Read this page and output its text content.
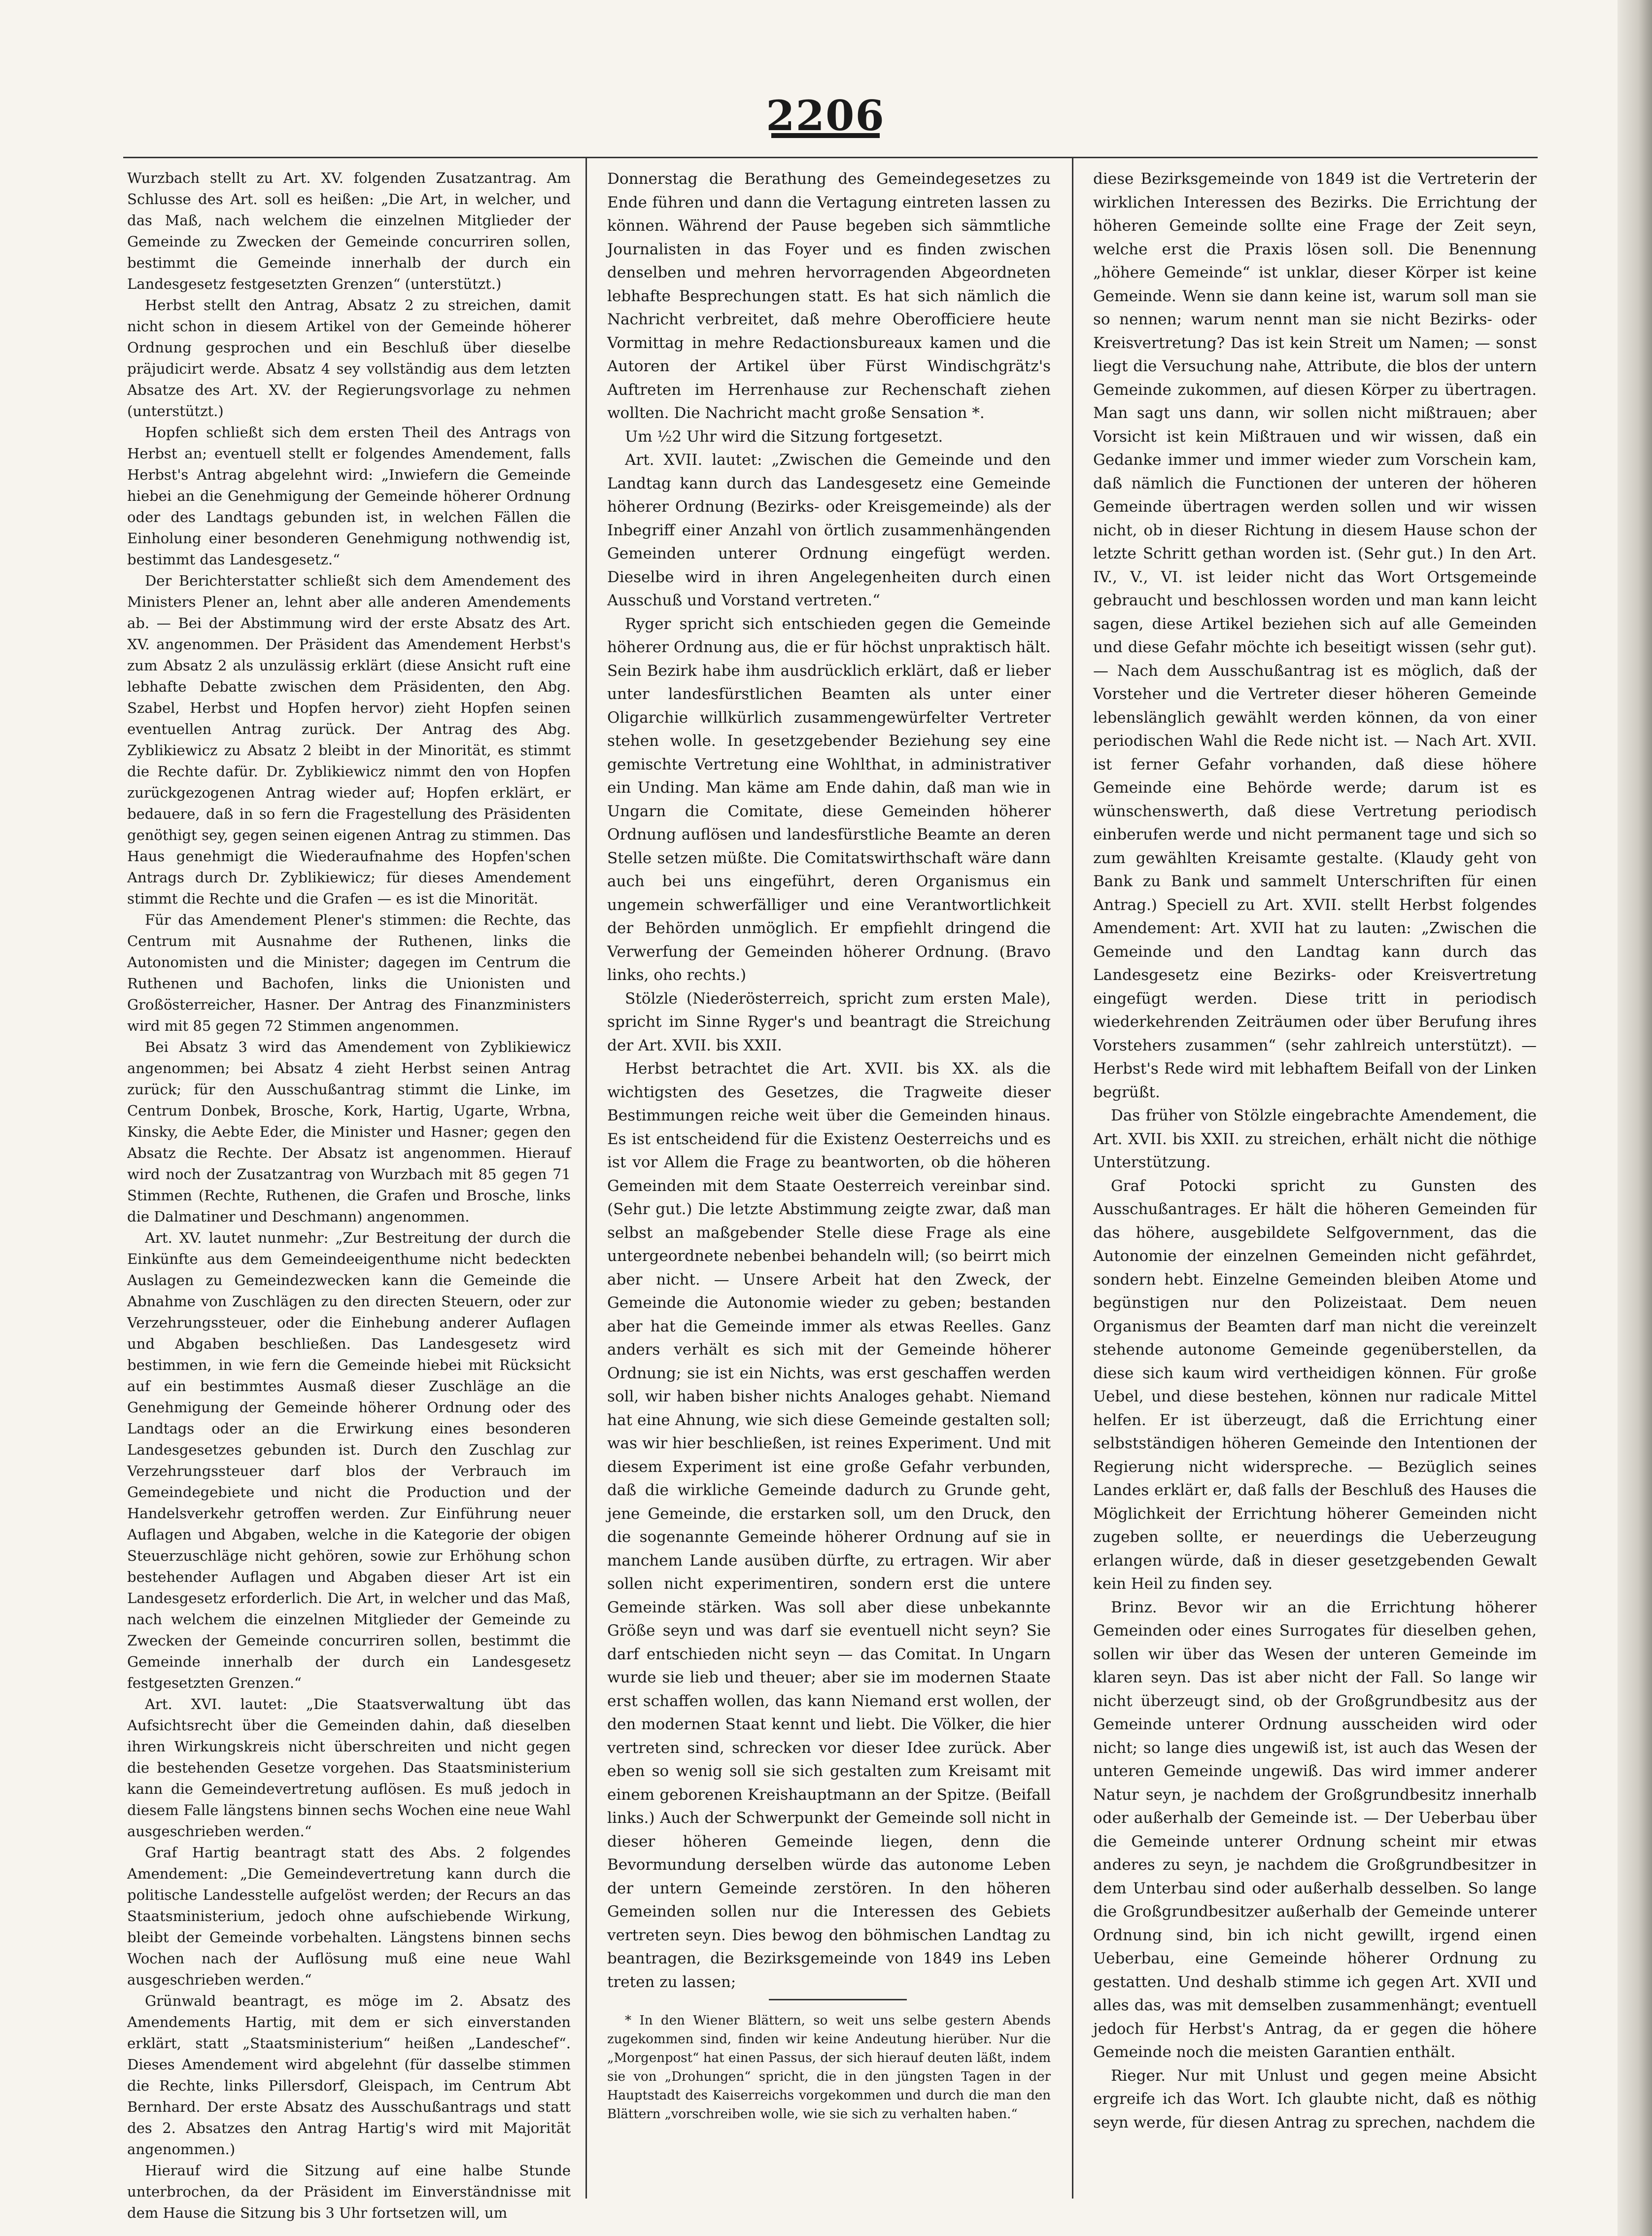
2206

Wurzbach stellt zu Art. XV. folgenden Zusatzantrag. Am Schlusse des Art. soll es heißen: „Die Art, in welcher, und das Maß, nach welchem die einzelnen Mitglieder der Gemeinde zu Zwecken der Gemeinde concurriren sollen, bestimmt die Gemeinde innerhalb der durch ein Landesgesetz festgesetzten Grenzen“ (unterstützt.)

Herbst stellt den Antrag, Absatz 2 zu streichen, damit nicht schon in diesem Artikel von der Gemeinde höherer Ordnung gesprochen und ein Beschluß über dieselbe präjudicirt werde. Absatz 4 sey vollständig aus dem letzten Absatze des Art. XV. der Regierungsvorlage zu nehmen (unterstützt.)

Hopfen schließt sich dem ersten Theil des Antrags von Herbst an; eventuell stellt er folgendes Amendement, falls Herbst's Antrag abgelehnt wird: „Inwiefern die Gemeinde hiebei an die Genehmigung der Gemeinde höherer Ordnung oder des Landtags gebunden ist, in welchen Fällen die Einholung einer besonderen Genehmigung nothwendig ist, bestimmt das Landesgesetz.“

Der Berichterstatter schließt sich dem Amendement des Ministers Plener an, lehnt aber alle anderen Amendements ab. — Bei der Abstimmung wird der erste Absatz des Art. XV. angenommen. Der Präsident das Amendement Herbst's zum Absatz 2 als unzulässig erklärt (diese Ansicht ruft eine lebhafte Debatte zwischen dem Präsidenten, den Abg. Szabel, Herbst und Hopfen hervor) zieht Hopfen seinen eventuellen Antrag zurück. Der Antrag des Abg. Zyblikiewicz zu Absatz 2 bleibt in der Minorität, es stimmt die Rechte dafür. Dr. Zyblikiewicz nimmt den von Hopfen zurückgezogenen Antrag wieder auf; Hopfen erklärt, er bedauere, daß in so fern die Fragestellung des Präsidenten genöthigt sey, gegen seinen eigenen Antrag zu stimmen. Das Haus genehmigt die Wiederaufnahme des Hopfen'schen Antrags durch Dr. Zyblikiewicz; für dieses Amendement stimmt die Rechte und die Grafen — es ist die Minorität.

Für das Amendement Plener's stimmen: die Rechte, das Centrum mit Ausnahme der Ruthenen, links die Autonomisten und die Minister; dagegen im Centrum die Ruthenen und Bachofen, links die Unionisten und Großösterreicher, Hasner. Der Antrag des Finanzministers wird mit 85 gegen 72 Stimmen angenommen.

Bei Absatz 3 wird das Amendement von Zyblikiewicz angenommen; bei Absatz 4 zieht Herbst seinen Antrag zurück; für den Ausschußantrag stimmt die Linke, im Centrum Donbek, Brosche, Kork, Hartig, Ugarte, Wrbna, Kinsky, die Aebte Eder, die Minister und Hasner; gegen den Absatz die Rechte. Der Absatz ist angenommen. Hierauf wird noch der Zusatzantrag von Wurzbach mit 85 gegen 71 Stimmen (Rechte, Ruthenen, die Grafen und Brosche, links die Dalmatiner und Deschmann) angenommen.

Art. XV. lautet nunmehr: „Zur Bestreitung der durch die Einkünfte aus dem Gemeindeeigenthume nicht bedeckten Auslagen zu Gemeindezwecken kann die Gemeinde die Abnahme von Zuschlägen zu den directen Steuern, oder zur Verzehrungssteuer, oder die Einhebung anderer Auflagen und Abgaben beschließen. Das Landesgesetz wird bestimmen, in wie fern die Gemeinde hiebei mit Rücksicht auf ein bestimmtes Ausmaß dieser Zuschläge an die Genehmigung der Gemeinde höherer Ordnung oder des Landtags oder an die Erwirkung eines besonderen Landesgesetzes gebunden ist. Durch den Zuschlag zur Verzehrungssteuer darf blos der Verbrauch im Gemeindegebiete und nicht die Production und der Handelsverkehr getroffen werden. Zur Einführung neuer Auflagen und Abgaben, welche in die Kategorie der obigen Steuerzuschläge nicht gehören, sowie zur Erhöhung schon bestehender Auflagen und Abgaben dieser Art ist ein Landesgesetz erforderlich. Die Art, in welcher und das Maß, nach welchem die einzelnen Mitglieder der Gemeinde zu Zwecken der Gemeinde concurriren sollen, bestimmt die Gemeinde innerhalb der durch ein Landesgesetz festgesetzten Grenzen.“

Art. XVI. lautet: „Die Staatsverwaltung übt das Aufsichtsrecht über die Gemeinden dahin, daß dieselben ihren Wirkungskreis nicht überschreiten und nicht gegen die bestehenden Gesetze vorgehen. Das Staatsministerium kann die Gemeindevertretung auflösen. Es muß jedoch in diesem Falle längstens binnen sechs Wochen eine neue Wahl ausgeschrieben werden.“

Graf Hartig beantragt statt des Abs. 2 folgendes Amendement: „Die Gemeindevertretung kann durch die politische Landesstelle aufgelöst werden; der Recurs an das Staatsministerium, jedoch ohne aufschiebende Wirkung, bleibt der Gemeinde vorbehalten. Längstens binnen sechs Wochen nach der Auflösung muß eine neue Wahl ausgeschrieben werden.“

Grünwald beantragt, es möge im 2. Absatz des Amendements Hartig, mit dem er sich einverstanden erklärt, statt „Staatsministerium“ heißen „Landeschef“. Dieses Amendement wird abgelehnt (für dasselbe stimmen die Rechte, links Pillersdorf, Gleispach, im Centrum Abt Bernhard. Der erste Absatz des Ausschußantrags und statt des 2. Absatzes den Antrag Hartig's wird mit Majorität angenommen.)

Hierauf wird die Sitzung auf eine halbe Stunde unterbrochen, da der Präsident im Einverständnisse mit dem Hause die Sitzung bis 3 Uhr fortsetzen will, um

Donnerstag die Berathung des Gemeindegesetzes zu Ende führen und dann die Vertagung eintreten lassen zu können. Während der Pause begeben sich sämmtliche Journalisten in das Foyer und es finden zwischen denselben und mehren hervorragenden Abgeordneten lebhafte Besprechungen statt. Es hat sich nämlich die Nachricht verbreitet, daß mehre Oberofficiere heute Vormittag in mehre Redactionsbureaux kamen und die Autoren der Artikel über Fürst Windischgrätz's Auftreten im Herrenhause zur Rechenschaft ziehen wollten. Die Nachricht macht große Sensation *.

Um ½2 Uhr wird die Sitzung fortgesetzt.

Art. XVII. lautet: „Zwischen die Gemeinde und den Landtag kann durch das Landesgesetz eine Gemeinde höherer Ordnung (Bezirks- oder Kreisgemeinde) als der Inbegriff einer Anzahl von örtlich zusammenhängenden Gemeinden unterer Ordnung eingefügt werden. Dieselbe wird in ihren Angelegenheiten durch einen Ausschuß und Vorstand vertreten.“

Ryger spricht sich entschieden gegen die Gemeinde höherer Ordnung aus, die er für höchst unpraktisch hält. Sein Bezirk habe ihm ausdrücklich erklärt, daß er lieber unter landesfürstlichen Beamten als unter einer Oligarchie willkürlich zusammengewürfelter Vertreter stehen wolle. In gesetzgebender Beziehung sey eine gemischte Vertretung eine Wohlthat, in administrativer ein Unding. Man käme am Ende dahin, daß man wie in Ungarn die Comitate, diese Gemeinden höherer Ordnung auflösen und landesfürstliche Beamte an deren Stelle setzen müßte. Die Comitatswirthschaft wäre dann auch bei uns eingeführt, deren Organismus ein ungemein schwerfälliger und eine Verantwortlichkeit der Behörden unmöglich. Er empfiehlt dringend die Verwerfung der Gemeinden höherer Ordnung. (Bravo links, oho rechts.)

Stölzle (Niederösterreich, spricht zum ersten Male), spricht im Sinne Ryger's und beantragt die Streichung der Art. XVII. bis XXII.

Herbst betrachtet die Art. XVII. bis XX. als die wichtigsten des Gesetzes, die Tragweite dieser Bestimmungen reiche weit über die Gemeinden hinaus. Es ist entscheidend für die Existenz Oesterreichs und es ist vor Allem die Frage zu beantworten, ob die höheren Gemeinden mit dem Staate Oesterreich vereinbar sind. (Sehr gut.) Die letzte Abstimmung zeigte zwar, daß man selbst an maßgebender Stelle diese Frage als eine untergeordnete nebenbei behandeln will; (so beirrt mich aber nicht. — Unsere Arbeit hat den Zweck, der Gemeinde die Autonomie wieder zu geben; bestanden aber hat die Gemeinde immer als etwas Reelles. Ganz anders verhält es sich mit der Gemeinde höherer Ordnung; sie ist ein Nichts, was erst geschaffen werden soll, wir haben bisher nichts Analoges gehabt. Niemand hat eine Ahnung, wie sich diese Gemeinde gestalten soll; was wir hier beschließen, ist reines Experiment. Und mit diesem Experiment ist eine große Gefahr verbunden, daß die wirkliche Gemeinde dadurch zu Grunde geht, jene Gemeinde, die erstarken soll, um den Druck, den die sogenannte Gemeinde höherer Ordnung auf sie in manchem Lande ausüben dürfte, zu ertragen. Wir aber sollen nicht experimentiren, sondern erst die untere Gemeinde stärken. Was soll aber diese unbekannte Größe seyn und was darf sie eventuell nicht seyn? Sie darf entschieden nicht seyn — das Comitat. In Ungarn wurde sie lieb und theuer; aber sie im modernen Staate erst schaffen wollen, das kann Niemand erst wollen, der den modernen Staat kennt und liebt. Die Völker, die hier vertreten sind, schrecken vor dieser Idee zurück. Aber eben so wenig soll sie sich gestalten zum Kreisamt mit einem geborenen Kreishauptmann an der Spitze. (Beifall links.) Auch der Schwerpunkt der Gemeinde soll nicht in dieser höheren Gemeinde liegen, denn die Bevormundung derselben würde das autonome Leben der untern Gemeinde zerstören. In den höheren Gemeinden sollen nur die Interessen des Gebiets vertreten seyn. Dies bewog den böhmischen Landtag zu beantragen, die Bezirksgemeinde von 1849 ins Leben treten zu lassen;

* In den Wiener Blättern, so weit uns selbe gestern Abends zugekommen sind, finden wir keine Andeutung hierüber. Nur die „Morgenpost“ hat einen Passus, der sich hierauf deuten läßt, indem sie von „Drohungen“ spricht, die in den jüngsten Tagen in der Hauptstadt des Kaiserreichs vorgekommen und durch die man den Blättern „vorschreiben wolle, wie sie sich zu verhalten haben.“

diese Bezirksgemeinde von 1849 ist die Vertreterin der wirklichen Interessen des Bezirks. Die Errichtung der höheren Gemeinde sollte eine Frage der Zeit seyn, welche erst die Praxis lösen soll. Die Benennung „höhere Gemeinde“ ist unklar, dieser Körper ist keine Gemeinde. Wenn sie dann keine ist, warum soll man sie so nennen; warum nennt man sie nicht Bezirks- oder Kreisvertretung? Das ist kein Streit um Namen; — sonst liegt die Versuchung nahe, Attribute, die blos der untern Gemeinde zukommen, auf diesen Körper zu übertragen. Man sagt uns dann, wir sollen nicht mißtrauen; aber Vorsicht ist kein Mißtrauen und wir wissen, daß ein Gedanke immer und immer wieder zum Vorschein kam, daß nämlich die Functionen der unteren der höheren Gemeinde übertragen werden sollen und wir wissen nicht, ob in dieser Richtung in diesem Hause schon der letzte Schritt gethan worden ist. (Sehr gut.) In den Art. IV., V., VI. ist leider nicht das Wort Ortsgemeinde gebraucht und beschlossen worden und man kann leicht sagen, diese Artikel beziehen sich auf alle Gemeinden und diese Gefahr möchte ich beseitigt wissen (sehr gut). — Nach dem Ausschußantrag ist es möglich, daß der Vorsteher und die Vertreter dieser höheren Gemeinde lebenslänglich gewählt werden können, da von einer periodischen Wahl die Rede nicht ist. — Nach Art. XVII. ist ferner Gefahr vorhanden, daß diese höhere Gemeinde eine Behörde werde; darum ist es wünschenswerth, daß diese Vertretung periodisch einberufen werde und nicht permanent tage und sich so zum gewählten Kreisamte gestalte. (Klaudy geht von Bank zu Bank und sammelt Unterschriften für einen Antrag.) Speciell zu Art. XVII. stellt Herbst folgendes Amendement: Art. XVII hat zu lauten: „Zwischen die Gemeinde und den Landtag kann durch das Landesgesetz eine Bezirks- oder Kreisvertretung eingefügt werden. Diese tritt in periodisch wiederkehrenden Zeiträumen oder über Berufung ihres Vorstehers zusammen“ (sehr zahlreich unterstützt). — Herbst's Rede wird mit lebhaftem Beifall von der Linken begrüßt.

Das früher von Stölzle eingebrachte Amendement, die Art. XVII. bis XXII. zu streichen, erhält nicht die nöthige Unterstützung.

Graf Potocki spricht zu Gunsten des Ausschußantrages. Er hält die höheren Gemeinden für das höhere, ausgebildete Selfgovernment, das die Autonomie der einzelnen Gemeinden nicht gefährdet, sondern hebt. Einzelne Gemeinden bleiben Atome und begünstigen nur den Polizeistaat. Dem neuen Organismus der Beamten darf man nicht die vereinzelt stehende autonome Gemeinde gegenüberstellen, da diese sich kaum wird vertheidigen können. Für große Uebel, und diese bestehen, können nur radicale Mittel helfen. Er ist überzeugt, daß die Errichtung einer selbstständigen höheren Gemeinde den Intentionen der Regierung nicht widerspreche. — Bezüglich seines Landes erklärt er, daß falls der Beschluß des Hauses die Möglichkeit der Errichtung höherer Gemeinden nicht zugeben sollte, er neuerdings die Ueberzeugung erlangen würde, daß in dieser gesetzgebenden Gewalt kein Heil zu finden sey.

Brinz. Bevor wir an die Errichtung höherer Gemeinden oder eines Surrogates für dieselben gehen, sollen wir über das Wesen der unteren Gemeinde im klaren seyn. Das ist aber nicht der Fall. So lange wir nicht überzeugt sind, ob der Großgrundbesitz aus der Gemeinde unterer Ordnung ausscheiden wird oder nicht; so lange dies ungewiß ist, ist auch das Wesen der unteren Gemeinde ungewiß. Das wird immer anderer Natur seyn, je nachdem der Großgrundbesitz innerhalb oder außerhalb der Gemeinde ist. — Der Ueberbau über die Gemeinde unterer Ordnung scheint mir etwas anderes zu seyn, je nachdem die Großgrundbesitzer in dem Unterbau sind oder außerhalb desselben. So lange die Großgrundbesitzer außerhalb der Gemeinde unterer Ordnung sind, bin ich nicht gewillt, irgend einen Ueberbau, eine Gemeinde höherer Ordnung zu gestatten. Und deshalb stimme ich gegen Art. XVII und alles das, was mit demselben zusammenhängt; eventuell jedoch für Herbst's Antrag, da er gegen die höhere Gemeinde noch die meisten Garantien enthält.

Rieger. Nur mit Unlust und gegen meine Absicht ergreife ich das Wort. Ich glaubte nicht, daß es nöthig seyn werde, für diesen Antrag zu sprechen, nachdem die
